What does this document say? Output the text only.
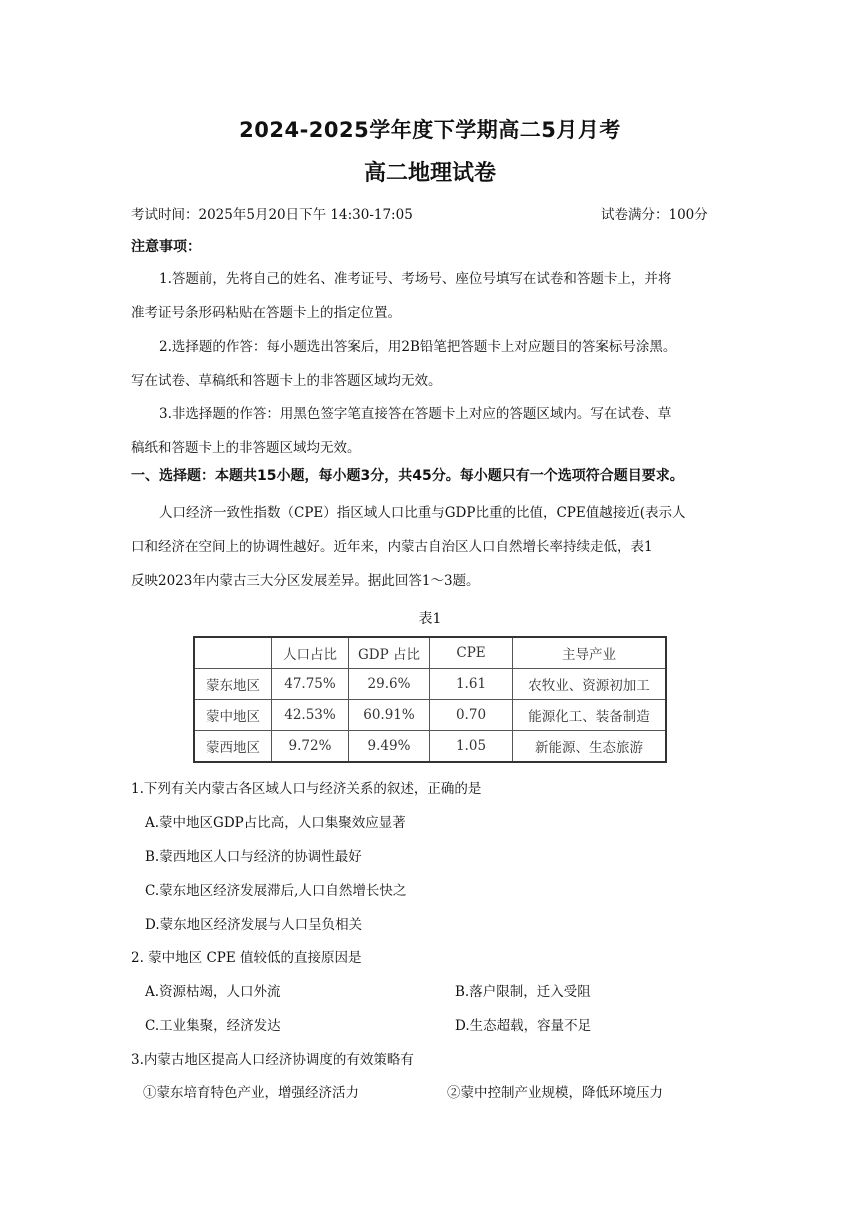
2024-2025学年度下学期高二5月月考
高二地理试卷
考试时间：2025年5月20日下午 14:30-17:05	试卷满分：100分
注意事项：
1.答题前，先将自己的姓名、准考证号、考场号、座位号填写在试卷和答题卡上，并将
准考证号条形码粘贴在答题卡上的指定位置。
2.选择题的作答：每小题选出答案后，用2B铅笔把答题卡上对应题目的答案标号涂黑。
写在试卷、草稿纸和答题卡上的非答题区域均无效。
3.非选择题的作答：用黑色签字笔直接答在答题卡上对应的答题区域内。写在试卷、草
稿纸和答题卡上的非答题区域均无效。
一、选择题：本题共15小题，每小题3分，共45分。每小题只有一个选项符合题目要求。
人口经济一致性指数（CPE）指区域人口比重与GDP比重的比值，CPE值越接近(表示人
口和经济在空间上的协调性越好。近年来，内蒙古自治区人口自然增长率持续走低，表1
反映2023年内蒙古三大分区发展差异。据此回答1～3题。
表1
	人口占比	GDP 占比	CPE	主导产业
蒙东地区	47.75%	29.6%	1.61	农牧业、资源初加工
蒙中地区	42.53%	60.91%	0.70	能源化工、装备制造
蒙西地区	9.72%	9.49%	1.05	新能源、生态旅游
1.下列有关内蒙古各区域人口与经济关系的叙述，正确的是
A.蒙中地区GDP占比高，人口集聚效应显著
B.蒙西地区人口与经济的协调性最好
C.蒙东地区经济发展滞后,人口自然增长快之
D.蒙东地区经济发展与人口呈负相关
2. 蒙中地区 CPE 值较低的直接原因是
A.资源枯竭，人口外流	B.落户限制，迁入受阻
C.工业集聚，经济发达	D.生态超载，容量不足
3.内蒙古地区提高人口经济协调度的有效策略有
①蒙东培育特色产业，增强经济活力	②蒙中控制产业规模，降低环境压力
